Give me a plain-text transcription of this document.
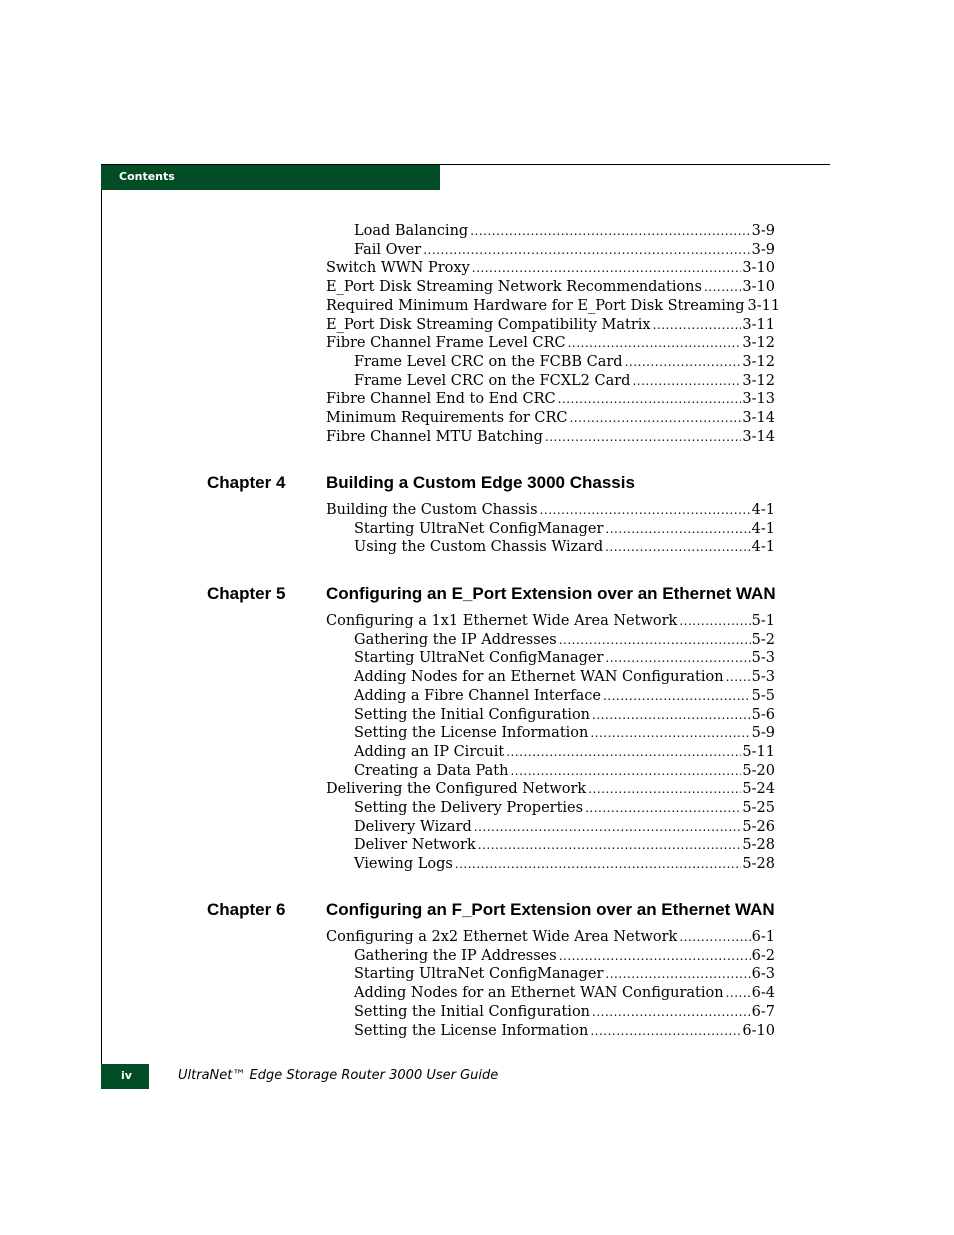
Contents
Load Balancing .....	3-9
Fail Over .....	3-9
Switch WWN Proxy .....	3-10
E_Port Disk Streaming Network Recommendations .....	3-10
Required Minimum Hardware for E_Port Disk Streaming 3-11
E_Port Disk Streaming Compatibility Matrix .....	3-11
Fibre Channel Frame Level CRC .....	3-12
Frame Level CRC on the FCBB Card .....	3-12
Frame Level CRC on the FCXL2 Card .....	3-12
Fibre Channel End to End CRC .....	3-13
Minimum Requirements for CRC .....	3-14
Fibre Channel MTU Batching .....	3-14
Chapter 4 Building a Custom Edge 3000 Chassis
Building the Custom Chassis .....	4-1
Starting UltraNet ConfigManager .....	4-1
Using the Custom Chassis Wizard .....	4-1
Chapter 5 Configuring an E_Port Extension over an Ethernet WAN
Configuring a 1x1 Ethernet Wide Area Network .....	5-1
Gathering the IP Addresses .....	5-2
Starting UltraNet ConfigManager .....	5-3
Adding Nodes for an Ethernet WAN Configuration ..... 5-3
Adding a Fibre Channel Interface .....	5-5
Setting the Initial Configuration .....	5-6
Setting the License Information .....	5-9
Adding an IP Circuit .....	5-11
Creating a Data Path .....	5-20
Delivering the Configured Network .....	5-24
Setting the Delivery Properties .....	5-25
Delivery Wizard .....	5-26
Deliver Network .....	5-28
Viewing Logs .....	5-28
Chapter 6 Configuring an F_Port Extension over an Ethernet WAN
Configuring a 2x2 Ethernet Wide Area Network .....	6-1
Gathering the IP Addresses .....	6-2
Starting UltraNet ConfigManager .....	6-3
Adding Nodes for an Ethernet WAN Configuration ..... 6-4
Setting the Initial Configuration .....	6-7
Setting the License Information .....	6-10
iv	UltraNet™ Edge Storage Router 3000 User Guide
